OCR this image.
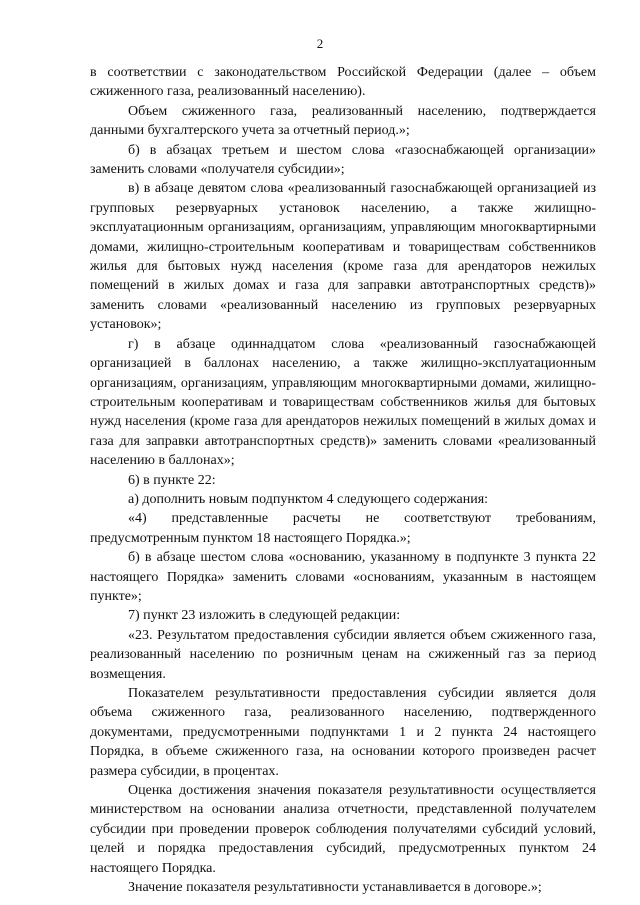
2

в соответствии с законодательством Российской Федерации (далее – объем сжиженного газа, реализованный населению).

Объем сжиженного газа, реализованный населению, подтверждается данными бухгалтерского учета за отчетный период.»;

б) в абзацах третьем и шестом слова «газоснабжающей организации» заменить словами «получателя субсидии»;

в) в абзаце девятом слова «реализованный газоснабжающей организацией из групповых резервуарных установок населению, а также жилищно-эксплуатационным организациям, организациям, управляющим многоквартирными домами, жилищно-строительным кооперативам и товариществам собственников жилья для бытовых нужд населения (кроме газа для арендаторов нежилых помещений в жилых домах и газа для заправки автотранспортных средств)» заменить словами «реализованный населению из групповых резервуарных установок»;

г) в абзаце одиннадцатом слова «реализованный газоснабжающей организацией в баллонах населению, а также жилищно-эксплуатационным организациям, организациям, управляющим многоквартирными домами, жилищно-строительным кооперативам и товариществам собственников жилья для бытовых нужд населения (кроме газа для арендаторов нежилых помещений в жилых домах и газа для заправки автотранспортных средств)» заменить словами «реализованный населению в баллонах»;

6) в пункте 22:

а) дополнить новым подпунктом 4 следующего содержания:

«4) представленные расчеты не соответствуют требованиям, предусмотренным пунктом 18 настоящего Порядка.»;

б) в абзаце шестом слова «основанию, указанному в подпункте 3 пункта 22 настоящего Порядка» заменить словами «основаниям, указанным в настоящем пункте»;

7) пункт 23 изложить в следующей редакции:

«23. Результатом предоставления субсидии является объем сжиженного газа, реализованный населению по розничным ценам на сжиженный газ за период возмещения.

Показателем результативности предоставления субсидии является доля объема сжиженного газа, реализованного населению, подтвержденного документами, предусмотренными подпунктами 1 и 2 пункта 24 настоящего Порядка, в объеме сжиженного газа, на основании которого произведен расчет размера субсидии, в процентах.

Оценка достижения значения показателя результативности осуществляется министерством на основании анализа отчетности, представленной получателем субсидии при проведении проверок соблюдения получателями субсидий условий, целей и порядка предоставления субсидий, предусмотренных пунктом 24 настоящего Порядка.

Значение показателя результативности устанавливается в договоре.»;
